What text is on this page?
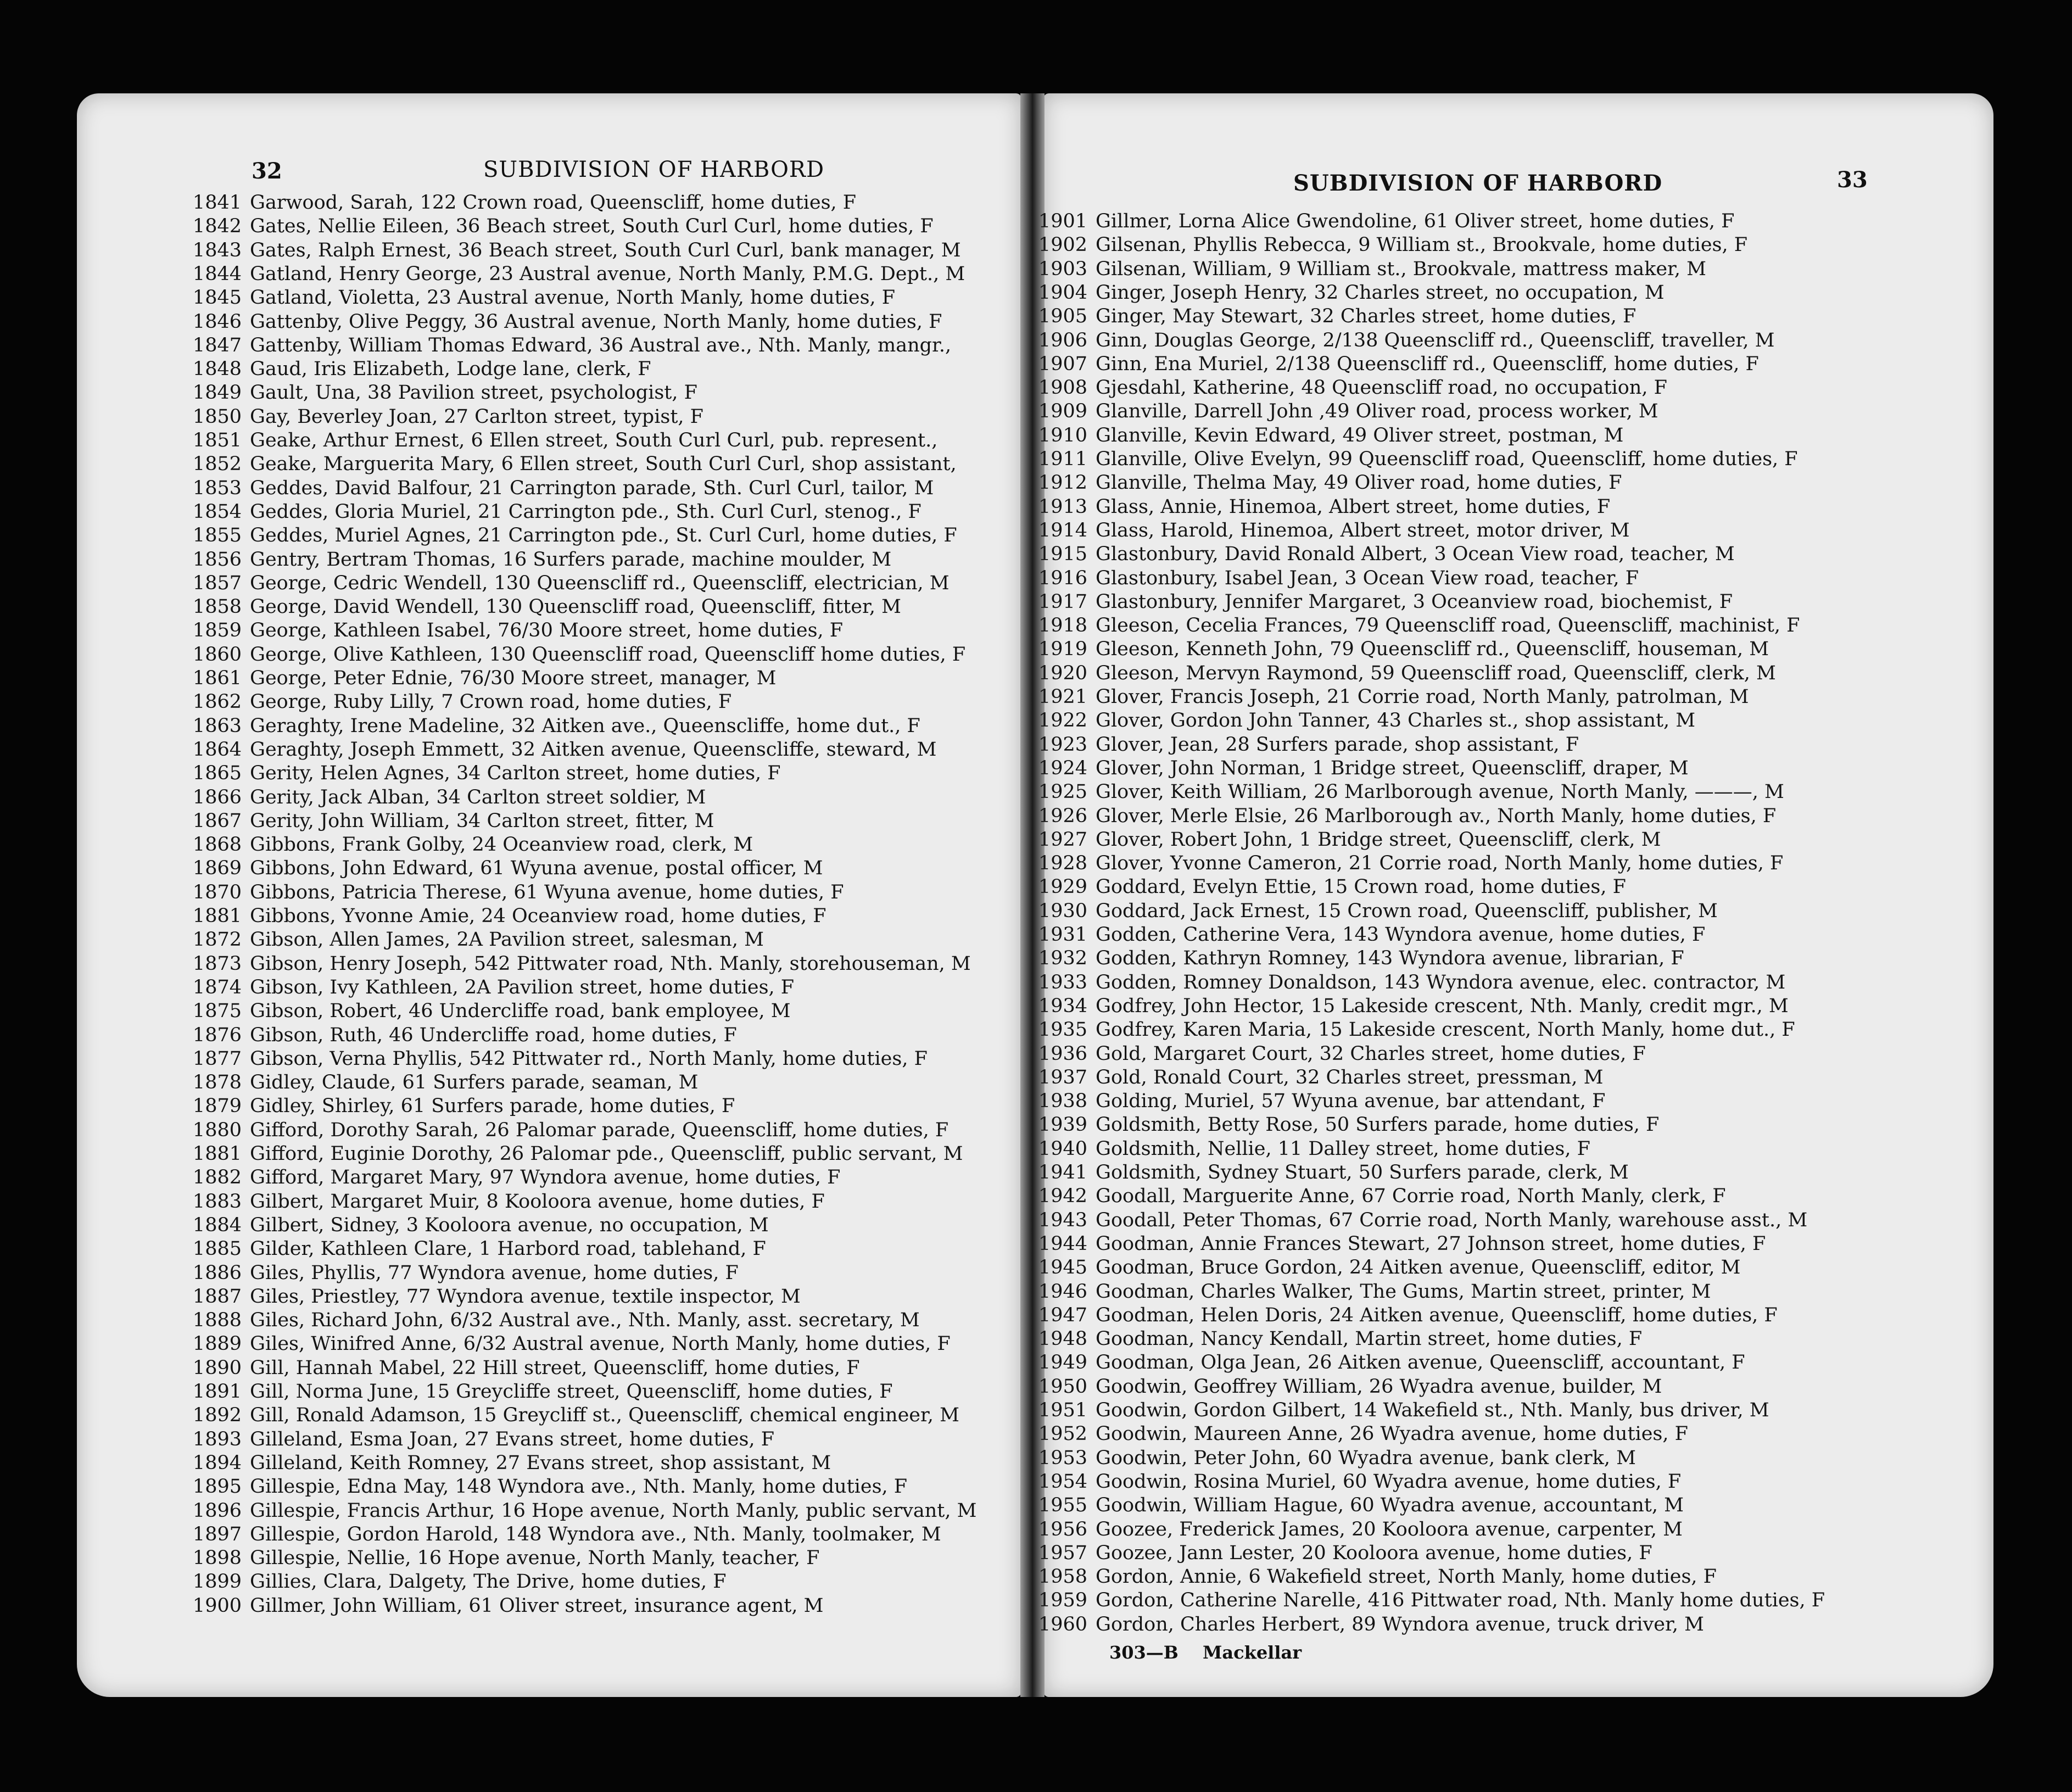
32	SUBDIVISION OF HARBORD
SUBDIVISION OF HARBORD	33
1841 Garwood, Sarah, 122 Crown road, Queenscliff, home duties, F
1842 Gates, Nellie Eileen, 36 Beach street, South Curl Curl, home duties, F
1843 Gates, Ralph Ernest, 36 Beach street, South Curl Curl, bank manager, M
1844 Gatland, Henry George, 23 Austral avenue, North Manly, P.M.G. Dept., M
1845 Gatland, Violetta, 23 Austral avenue, North Manly, home duties, F
1846 Gattenby, Olive Peggy, 36 Austral avenue, North Manly, home duties, F
1847 Gattenby, William Thomas Edward, 36 Austral ave., Nth. Manly, mangr.,
1848 Gaud, Iris Elizabeth, Lodge lane, clerk, F
1849 Gault, Una, 38 Pavilion street, psychologist, F
1850 Gay, Beverley Joan, 27 Carlton street, typist, F
1851 Geake, Arthur Ernest, 6 Ellen street, South Curl Curl, pub. represent.,
1852 Geake, Marguerita Mary, 6 Ellen street, South Curl Curl, shop assistant,
1853 Geddes, David Balfour, 21 Carrington parade, Sth. Curl Curl, tailor, M
1854 Geddes, Gloria Muriel, 21 Carrington pde., Sth. Curl Curl, stenog., F
1855 Geddes, Muriel Agnes, 21 Carrington pde., St. Curl Curl, home duties, F
1856 Gentry, Bertram Thomas, 16 Surfers parade, machine moulder, M
1857 George, Cedric Wendell, 130 Queenscliff rd., Queenscliff, electrician, M
1858 George, David Wendell, 130 Queenscliff road, Queenscliff, fitter, M
1859 George, Kathleen Isabel, 76/30 Moore street, home duties, F
1860 George, Olive Kathleen, 130 Queenscliff road, Queenscliff home duties, F
1861 George, Peter Ednie, 76/30 Moore street, manager, M
1862 George, Ruby Lilly, 7 Crown road, home duties, F
1863 Geraghty, Irene Madeline, 32 Aitken ave., Queenscliffe, home dut., F
1864 Geraghty, Joseph Emmett, 32 Aitken avenue, Queenscliffe, steward, M
1865 Gerity, Helen Agnes, 34 Carlton street, home duties, F
1866 Gerity, Jack Alban, 34 Carlton street soldier, M
1867 Gerity, John William, 34 Carlton street, fitter, M
1868 Gibbons, Frank Golby, 24 Oceanview road, clerk, M
1869 Gibbons, John Edward, 61 Wyuna avenue, postal officer, M
1870 Gibbons, Patricia Therese, 61 Wyuna avenue, home duties, F
1881 Gibbons, Yvonne Amie, 24 Oceanview road, home duties, F
1872 Gibson, Allen James, 2A Pavilion street, salesman, M
1873 Gibson, Henry Joseph, 542 Pittwater road, Nth. Manly, storehouseman, M
1874 Gibson, Ivy Kathleen, 2A Pavilion street, home duties, F
1875 Gibson, Robert, 46 Undercliffe road, bank employee, M
1876 Gibson, Ruth, 46 Undercliffe road, home duties, F
1877 Gibson, Verna Phyllis, 542 Pittwater rd., North Manly, home duties, F
1878 Gidley, Claude, 61 Surfers parade, seaman, M
1879 Gidley, Shirley, 61 Surfers parade, home duties, F
1880 Gifford, Dorothy Sarah, 26 Palomar parade, Queenscliff, home duties, F
1881 Gifford, Euginie Dorothy, 26 Palomar pde., Queenscliff, public servant, M
1882 Gifford, Margaret Mary, 97 Wyndora avenue, home duties, F
1883 Gilbert, Margaret Muir, 8 Kooloora avenue, home duties, F
1884 Gilbert, Sidney, 3 Kooloora avenue, no occupation, M
1885 Gilder, Kathleen Clare, 1 Harbord road, tablehand, F
1886 Giles, Phyllis, 77 Wyndora avenue, home duties, F
1887 Giles, Priestley, 77 Wyndora avenue, textile inspector, M
1888 Giles, Richard John, 6/32 Austral ave., Nth. Manly, asst. secretary, M
1889 Giles, Winifred Anne, 6/32 Austral avenue, North Manly, home duties, F
1890 Gill, Hannah Mabel, 22 Hill street, Queenscliff, home duties, F
1891 Gill, Norma June, 15 Greycliffe street, Queenscliff, home duties, F
1892 Gill, Ronald Adamson, 15 Greycliff st., Queenscliff, chemical engineer, M
1893 Gilleland, Esma Joan, 27 Evans street, home duties, F
1894 Gilleland, Keith Romney, 27 Evans street, shop assistant, M
1895 Gillespie, Edna May, 148 Wyndora ave., Nth. Manly, home duties, F
1896 Gillespie, Francis Arthur, 16 Hope avenue, North Manly, public servant, M
1897 Gillespie, Gordon Harold, 148 Wyndora ave., Nth. Manly, toolmaker, M
1898 Gillespie, Nellie, 16 Hope avenue, North Manly, teacher, F
1899 Gillies, Clara, Dalgety, The Drive, home duties, F
1900 Gillmer, John William, 61 Oliver street, insurance agent, M
1901 Gillmer, Lorna Alice Gwendoline, 61 Oliver street, home duties, F
1902 Gilsenan, Phyllis Rebecca, 9 William st., Brookvale, home duties, F
1903 Gilsenan, William, 9 William st., Brookvale, mattress maker, M
1904 Ginger, Joseph Henry, 32 Charles street, no occupation, M
1905 Ginger, May Stewart, 32 Charles street, home duties, F
1906 Ginn, Douglas George, 2/138 Queenscliff rd., Queenscliff, traveller, M
1907 Ginn, Ena Muriel, 2/138 Queenscliff rd., Queenscliff, home duties, F
1908 Gjesdahl, Katherine, 48 Queenscliff road, no occupation, F
1909 Glanville, Darrell John ,49 Oliver road, process worker, M
1910 Glanville, Kevin Edward, 49 Oliver street, postman, M
1911 Glanville, Olive Evelyn, 99 Queenscliff road, Queenscliff, home duties, F
1912 Glanville, Thelma May, 49 Oliver road, home duties, F
1913 Glass, Annie, Hinemoa, Albert street, home duties, F
1914 Glass, Harold, Hinemoa, Albert street, motor driver, M
1915 Glastonbury, David Ronald Albert, 3 Ocean View road, teacher, M
1916 Glastonbury, Isabel Jean, 3 Ocean View road, teacher, F
1917 Glastonbury, Jennifer Margaret, 3 Oceanview road, biochemist, F
1918 Gleeson, Cecelia Frances, 79 Queenscliff road, Queenscliff, machinist, F
1919 Gleeson, Kenneth John, 79 Queenscliff rd., Queenscliff, houseman, M
1920 Gleeson, Mervyn Raymond, 59 Queenscliff road, Queenscliff, clerk, M
1921 Glover, Francis Joseph, 21 Corrie road, North Manly, patrolman, M
1922 Glover, Gordon John Tanner, 43 Charles st., shop assistant, M
1923 Glover, Jean, 28 Surfers parade, shop assistant, F
1924 Glover, John Norman, 1 Bridge street, Queenscliff, draper, M
1925 Glover, Keith William, 26 Marlborough avenue, North Manly, ———, M
1926 Glover, Merle Elsie, 26 Marlborough av., North Manly, home duties, F
1927 Glover, Robert John, 1 Bridge street, Queenscliff, clerk, M
1928 Glover, Yvonne Cameron, 21 Corrie road, North Manly, home duties, F
1929 Goddard, Evelyn Ettie, 15 Crown road, home duties, F
1930 Goddard, Jack Ernest, 15 Crown road, Queenscliff, publisher, M
1931 Godden, Catherine Vera, 143 Wyndora avenue, home duties, F
1932 Godden, Kathryn Romney, 143 Wyndora avenue, librarian, F
1933 Godden, Romney Donaldson, 143 Wyndora avenue, elec. contractor, M
1934 Godfrey, John Hector, 15 Lakeside crescent, Nth. Manly, credit mgr., M
1935 Godfrey, Karen Maria, 15 Lakeside crescent, North Manly, home dut., F
1936 Gold, Margaret Court, 32 Charles street, home duties, F
1937 Gold, Ronald Court, 32 Charles street, pressman, M
1938 Golding, Muriel, 57 Wyuna avenue, bar attendant, F
1939 Goldsmith, Betty Rose, 50 Surfers parade, home duties, F
1940 Goldsmith, Nellie, 11 Dalley street, home duties, F
1941 Goldsmith, Sydney Stuart, 50 Surfers parade, clerk, M
1942 Goodall, Marguerite Anne, 67 Corrie road, North Manly, clerk, F
1943 Goodall, Peter Thomas, 67 Corrie road, North Manly, warehouse asst., M
1944 Goodman, Annie Frances Stewart, 27 Johnson street, home duties, F
1945 Goodman, Bruce Gordon, 24 Aitken avenue, Queenscliff, editor, M
1946 Goodman, Charles Walker, The Gums, Martin street, printer, M
1947 Goodman, Helen Doris, 24 Aitken avenue, Queenscliff, home duties, F
1948 Goodman, Nancy Kendall, Martin street, home duties, F
1949 Goodman, Olga Jean, 26 Aitken avenue, Queenscliff, accountant, F
1950 Goodwin, Geoffrey William, 26 Wyadra avenue, builder, M
1951 Goodwin, Gordon Gilbert, 14 Wakefield st., Nth. Manly, bus driver, M
1952 Goodwin, Maureen Anne, 26 Wyadra avenue, home duties, F
1953 Goodwin, Peter John, 60 Wyadra avenue, bank clerk, M
1954 Goodwin, Rosina Muriel, 60 Wyadra avenue, home duties, F
1955 Goodwin, William Hague, 60 Wyadra avenue, accountant, M
1956 Goozee, Frederick James, 20 Kooloora avenue, carpenter, M
1957 Goozee, Jann Lester, 20 Kooloora avenue, home duties, F
1958 Gordon, Annie, 6 Wakefield street, North Manly, home duties, F
1959 Gordon, Catherine Narelle, 416 Pittwater road, Nth. Manly home duties, F
1960 Gordon, Charles Herbert, 89 Wyndora avenue, truck driver, M
303—B Mackellar
